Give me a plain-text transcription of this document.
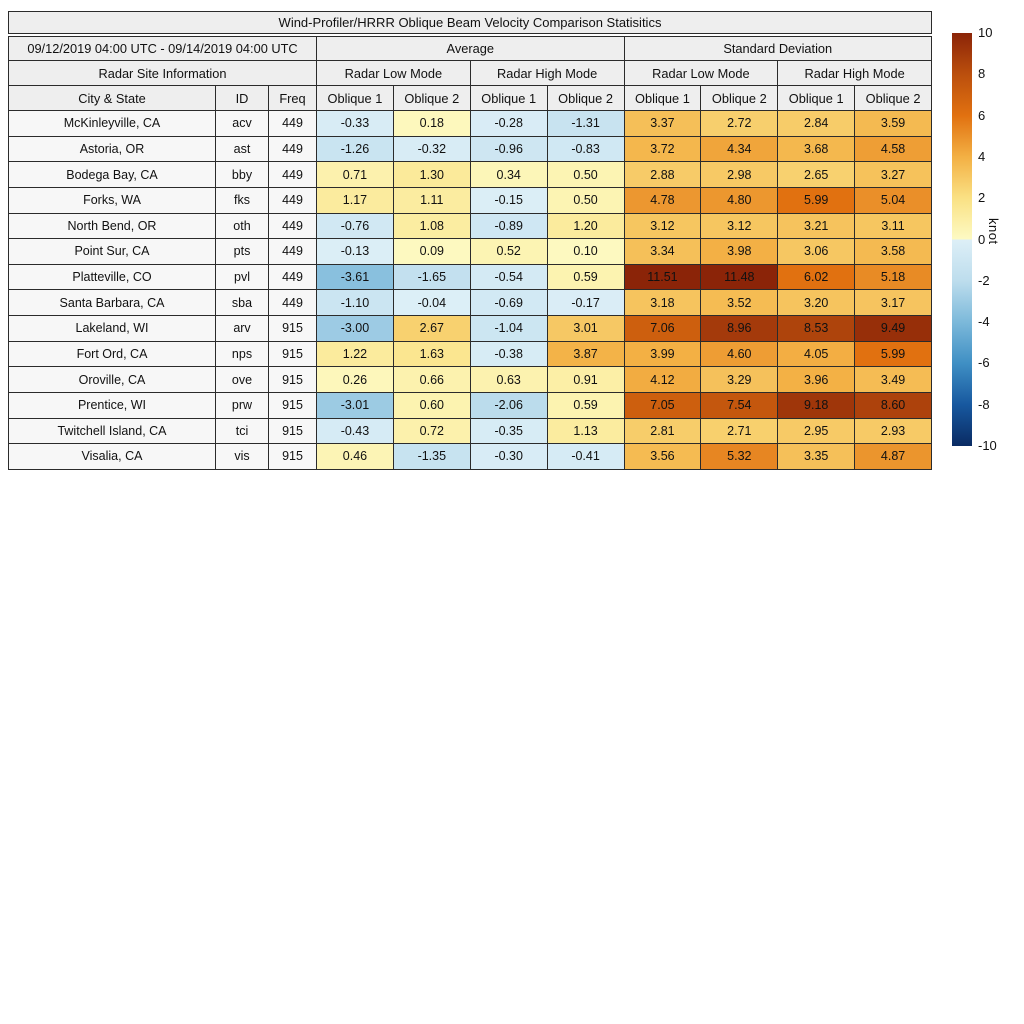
Wind-Profiler/HRRR Oblique Beam Velocity Comparison Statisitics
09/12/2019 04:00 UTC - 09/14/2019 04:00 UTC	Average	Standard Deviation
Radar Site Information	Radar Low Mode	Radar High Mode	Radar Low Mode	Radar High Mode
City & State	ID	Freq	Oblique 1	Oblique 2	Oblique 1	Oblique 2	Oblique 1	Oblique 2	Oblique 1	Oblique 2
McKinleyville, CA	acv	449	-0.33	0.18	-0.28	-1.31	3.37	2.72	2.84	3.59
Astoria, OR	ast	449	-1.26	-0.32	-0.96	-0.83	3.72	4.34	3.68	4.58
Bodega Bay, CA	bby	449	0.71	1.30	0.34	0.50	2.88	2.98	2.65	3.27
Forks, WA	fks	449	1.17	1.11	-0.15	0.50	4.78	4.80	5.99	5.04
North Bend, OR	oth	449	-0.76	1.08	-0.89	1.20	3.12	3.12	3.21	3.11
Point Sur, CA	pts	449	-0.13	0.09	0.52	0.10	3.34	3.98	3.06	3.58
Platteville, CO	pvl	449	-3.61	-1.65	-0.54	0.59	11.51	11.48	6.02	5.18
Santa Barbara, CA	sba	449	-1.10	-0.04	-0.69	-0.17	3.18	3.52	3.20	3.17
Lakeland, WI	arv	915	-3.00	2.67	-1.04	3.01	7.06	8.96	8.53	9.49
Fort Ord, CA	nps	915	1.22	1.63	-0.38	3.87	3.99	4.60	4.05	5.99
Oroville, CA	ove	915	0.26	0.66	0.63	0.91	4.12	3.29	3.96	3.49
Prentice, WI	prw	915	-3.01	0.60	-2.06	0.59	7.05	7.54	9.18	8.60
Twitchell Island, CA	tci	915	-0.43	0.72	-0.35	1.13	2.81	2.71	2.95	2.93
Visalia, CA	vis	915	0.46	-1.35	-0.30	-0.41	3.56	5.32	3.35	4.87
10
8
6
4
2
0
-2
-4
-6
-8
-10
knot
